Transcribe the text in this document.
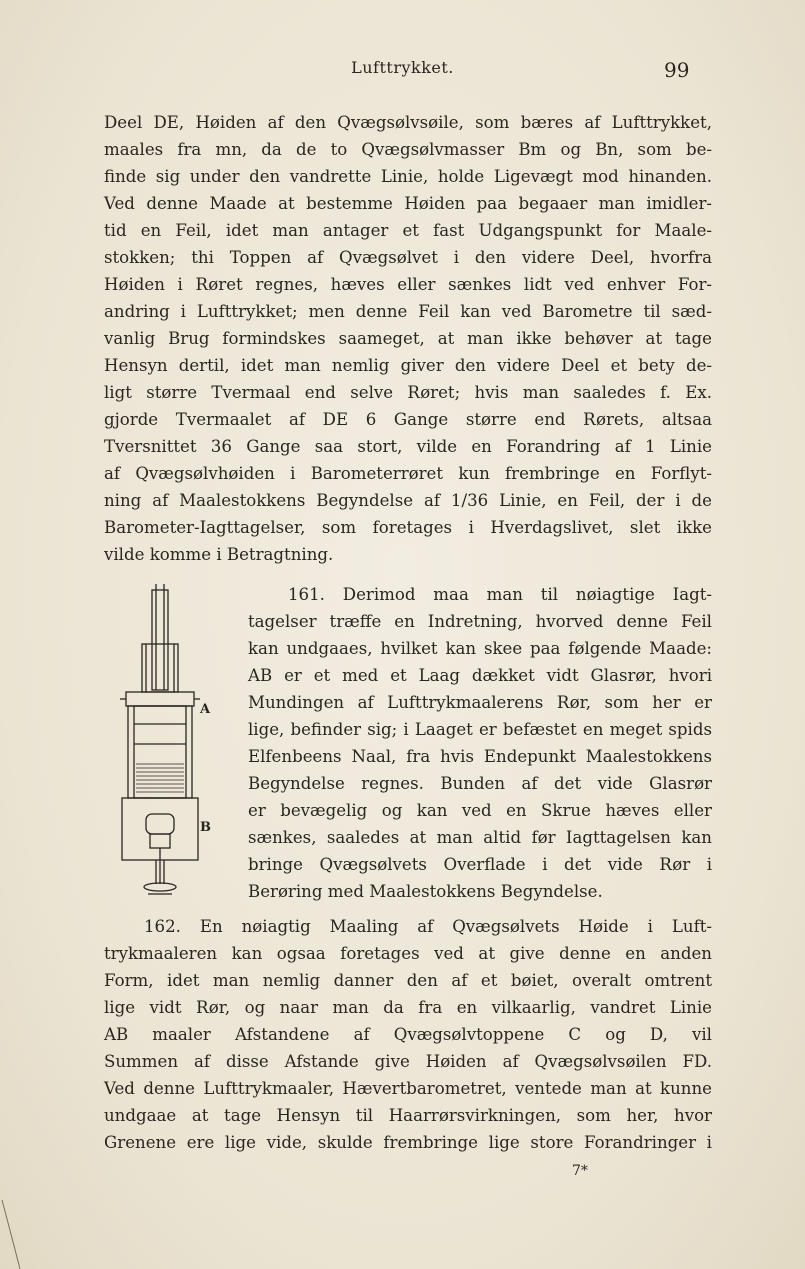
Lufttrykket.	99
Deel DE, Høiden af den Qvægsølvsøile, som bæres af Lufttrykket,
maales fra mn, da de to Qvægsølvmasser Bm og Bn, som be-
finde sig under den vandrette Linie, holde Ligevægt mod hinanden.
Ved denne Maade at bestemme Høiden paa begaaer man imidler-
tid en Feil, idet man antager et fast Udgangspunkt for Maale-
stokken; thi Toppen af Qvægsølvet i den videre Deel, hvorfra
Høiden i Røret regnes, hæves eller sænkes lidt ved enhver For-
andring i Lufttrykket; men denne Feil kan ved Barometre til sæd-
vanlig Brug formindskes saameget, at man ikke behøver at tage
Hensyn dertil, idet man nemlig giver den videre Deel et bety de-
ligt større Tvermaal end selve Røret; hvis man saaledes f. Ex.
gjorde Tvermaalet af DE 6 Gange større end Rørets, altsaa
Tversnittet 36 Gange saa stort, vilde en Forandring af 1 Linie
af Qvægsølvhøiden i Barometerrøret kun frembringe en Forflyt-
ning af Maalestokkens Begyndelse af 1/36 Linie, en Feil, der i de
Barometer-Iagttagelser, som foretages i Hverdagslivet, slet ikke
vilde komme i Betragtning.
161. Derimod maa man til nøiagtige Iagt-
tagelser træffe en Indretning, hvorved denne Feil
kan undgaaes, hvilket kan skee paa følgende Maade:
AB er et med et Laag dækket vidt Glasrør, hvori
Mundingen af Lufttrykmaalerens Rør, som her er
lige, befinder sig; i Laaget er befæstet en meget spids
Elfenbeens Naal, fra hvis Endepunkt Maalestokkens
Begyndelse regnes. Bunden af det vide Glasrør
er bevægelig og kan ved en Skrue hæves eller
sænkes, saaledes at man altid før Iagttagelsen kan
bringe Qvægsølvets Overflade i det vide Rør i
Berøring med Maalestokkens Begyndelse.
A
B
162. En nøiagtig Maaling af Qvægsølvets Høide i Luft-
trykmaaleren kan ogsaa foretages ved at give denne en anden
Form, idet man nemlig danner den af et bøiet, overalt omtrent
lige vidt Rør, og naar man da fra en vilkaarlig, vandret Linie
AB maaler Afstandene af Qvægsølvtoppene C og D, vil
Summen af disse Afstande give Høiden af Qvægsølvsøilen FD.
Ved denne Lufttrykmaaler, Hævertbarometret, ventede man at kunne
undgaae at tage Hensyn til Haarrørsvirkningen, som her, hvor
Grenene ere lige vide, skulde frembringe lige store Forandringer i
7*
